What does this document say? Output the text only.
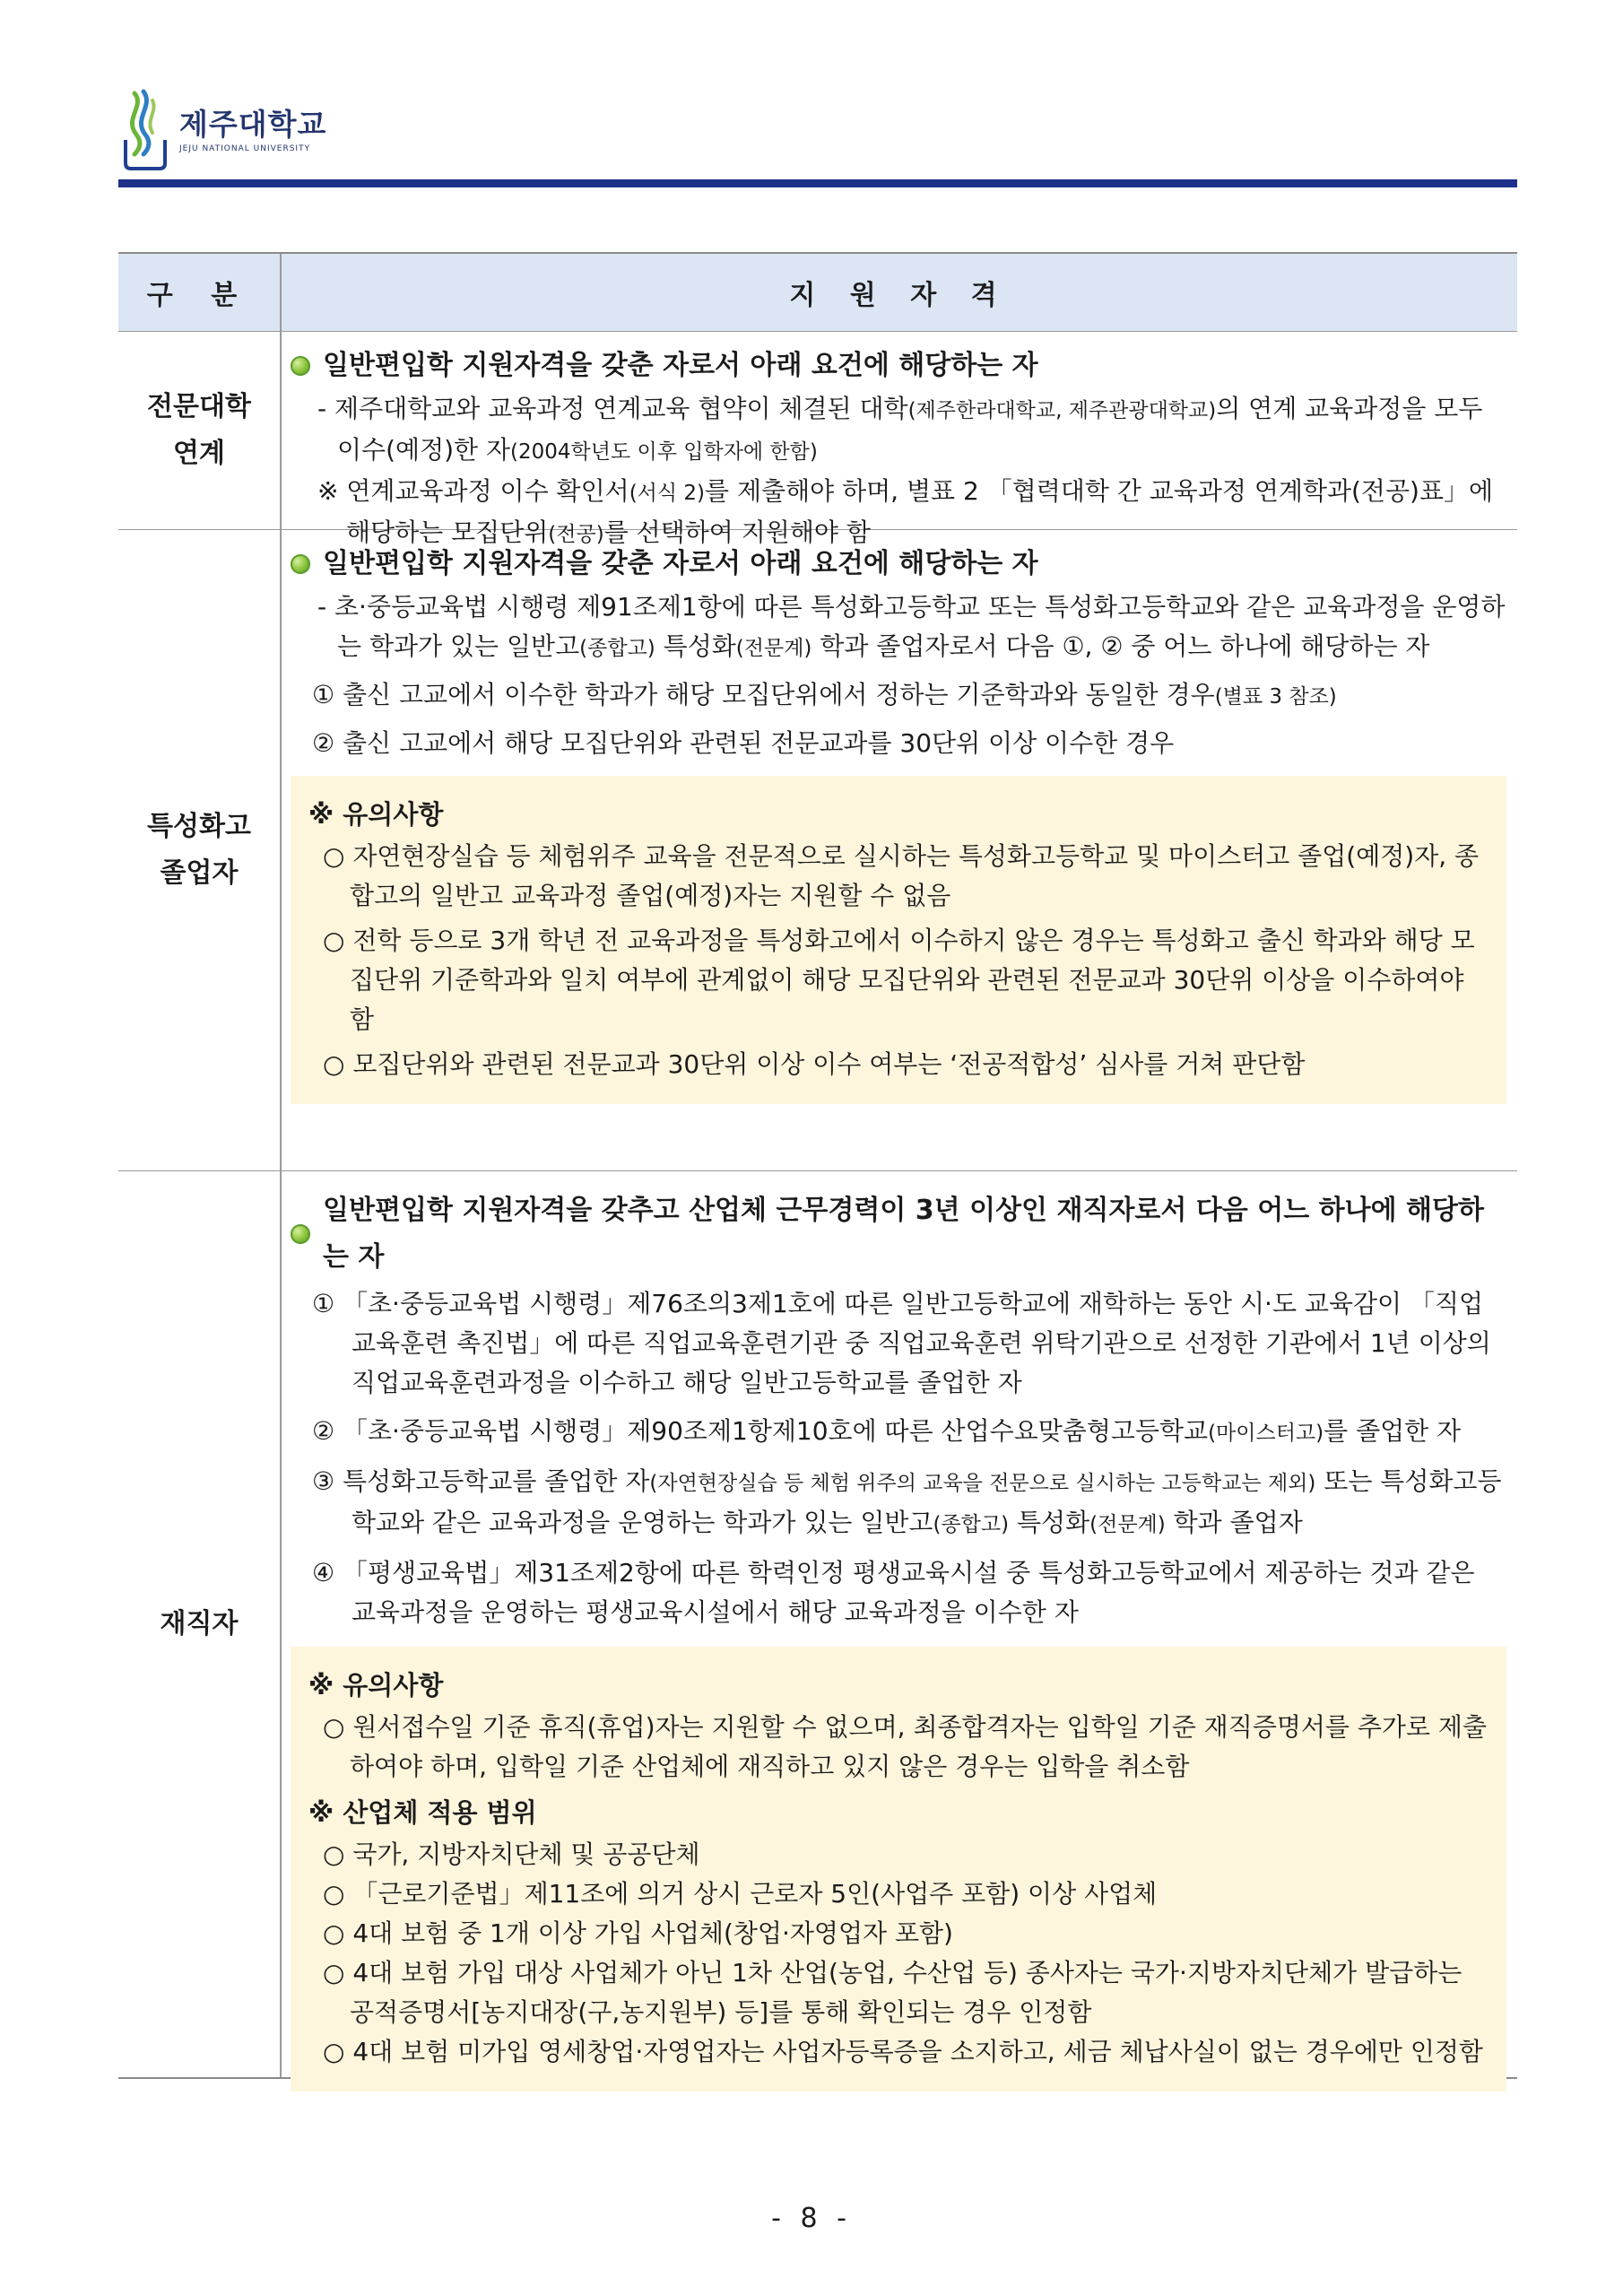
제주대학교
JEJU NATIONAL UNIVERSITY
구 분	지 원 자 격
전문대학
연계
일반편입학 지원자격을 갖춘 자로서 아래 요건에 해당하는 자
- 제주대학교와 교육과정 연계교육 협약이 체결된 대학(제주한라대학교, 제주관광대학교)의 연계 교육과정을 모두 이수(예정)한 자(2004학년도 이후 입학자에 한함)
※ 연계교육과정 이수 확인서(서식 2)를 제출해야 하며, 별표 2 「협력대학 간 교육과정 연계학과(전공)표」에 해당하는 모집단위(전공)를 선택하여 지원해야 함
특성화고
졸업자
일반편입학 지원자격을 갖춘 자로서 아래 요건에 해당하는 자
- 초·중등교육법 시행령 제91조제1항에 따른 특성화고등학교 또는 특성화고등학교와 같은 교육과정을 운영하는 학과가 있는 일반고(종합고) 특성화(전문계) 학과 졸업자로서 다음 ①, ② 중 어느 하나에 해당하는 자
① 출신 고교에서 이수한 학과가 해당 모집단위에서 정하는 기준학과와 동일한 경우(별표 3 참조)
② 출신 고교에서 해당 모집단위와 관련된 전문교과를 30단위 이상 이수한 경우
※ 유의사항
○ 자연현장실습 등 체험위주 교육을 전문적으로 실시하는 특성화고등학교 및 마이스터고 졸업(예정)자, 종합고의 일반고 교육과정 졸업(예정)자는 지원할 수 없음
○ 전학 등으로 3개 학년 전 교육과정을 특성화고에서 이수하지 않은 경우는 특성화고 출신 학과와 해당 모집단위 기준학과와 일치 여부에 관계없이 해당 모집단위와 관련된 전문교과 30단위 이상을 이수하여야 함
○ 모집단위와 관련된 전문교과 30단위 이상 이수 여부는 ‘전공적합성’ 심사를 거쳐 판단함
재직자
일반편입학 지원자격을 갖추고 산업체 근무경력이 3년 이상인 재직자로서 다음 어느 하나에 해당하는 자
① 「초·중등교육법 시행령」제76조의3제1호에 따른 일반고등학교에 재학하는 동안 시·도 교육감이 「직업교육훈련 촉진법」에 따른 직업교육훈련기관 중 직업교육훈련 위탁기관으로 선정한 기관에서 1년 이상의 직업교육훈련과정을 이수하고 해당 일반고등학교를 졸업한 자
② 「초·중등교육법 시행령」제90조제1항제10호에 따른 산업수요맞춤형고등학교(마이스터고)를 졸업한 자
③ 특성화고등학교를 졸업한 자(자연현장실습 등 체험 위주의 교육을 전문으로 실시하는 고등학교는 제외) 또는 특성화고등학교와 같은 교육과정을 운영하는 학과가 있는 일반고(종합고) 특성화(전문계) 학과 졸업자
④ 「평생교육법」제31조제2항에 따른 학력인정 평생교육시설 중 특성화고등학교에서 제공하는 것과 같은 교육과정을 운영하는 평생교육시설에서 해당 교육과정을 이수한 자
※ 유의사항
○ 원서접수일 기준 휴직(휴업)자는 지원할 수 없으며, 최종합격자는 입학일 기준 재직증명서를 추가로 제출하여야 하며, 입학일 기준 산업체에 재직하고 있지 않은 경우는 입학을 취소함
※ 산업체 적용 범위
○ 국가, 지방자치단체 및 공공단체
○ 「근로기준법」제11조에 의거 상시 근로자 5인(사업주 포함) 이상 사업체
○ 4대 보험 중 1개 이상 가입 사업체(창업·자영업자 포함)
○ 4대 보험 가입 대상 사업체가 아닌 1차 산업(농업, 수산업 등) 종사자는 국가·지방자치단체가 발급하는 공적증명서[농지대장(구,농지원부) 등]를 통해 확인되는 경우 인정함
○ 4대 보험 미가입 영세창업·자영업자는 사업자등록증을 소지하고, 세금 체납사실이 없는 경우에만 인정함
- 8 -
